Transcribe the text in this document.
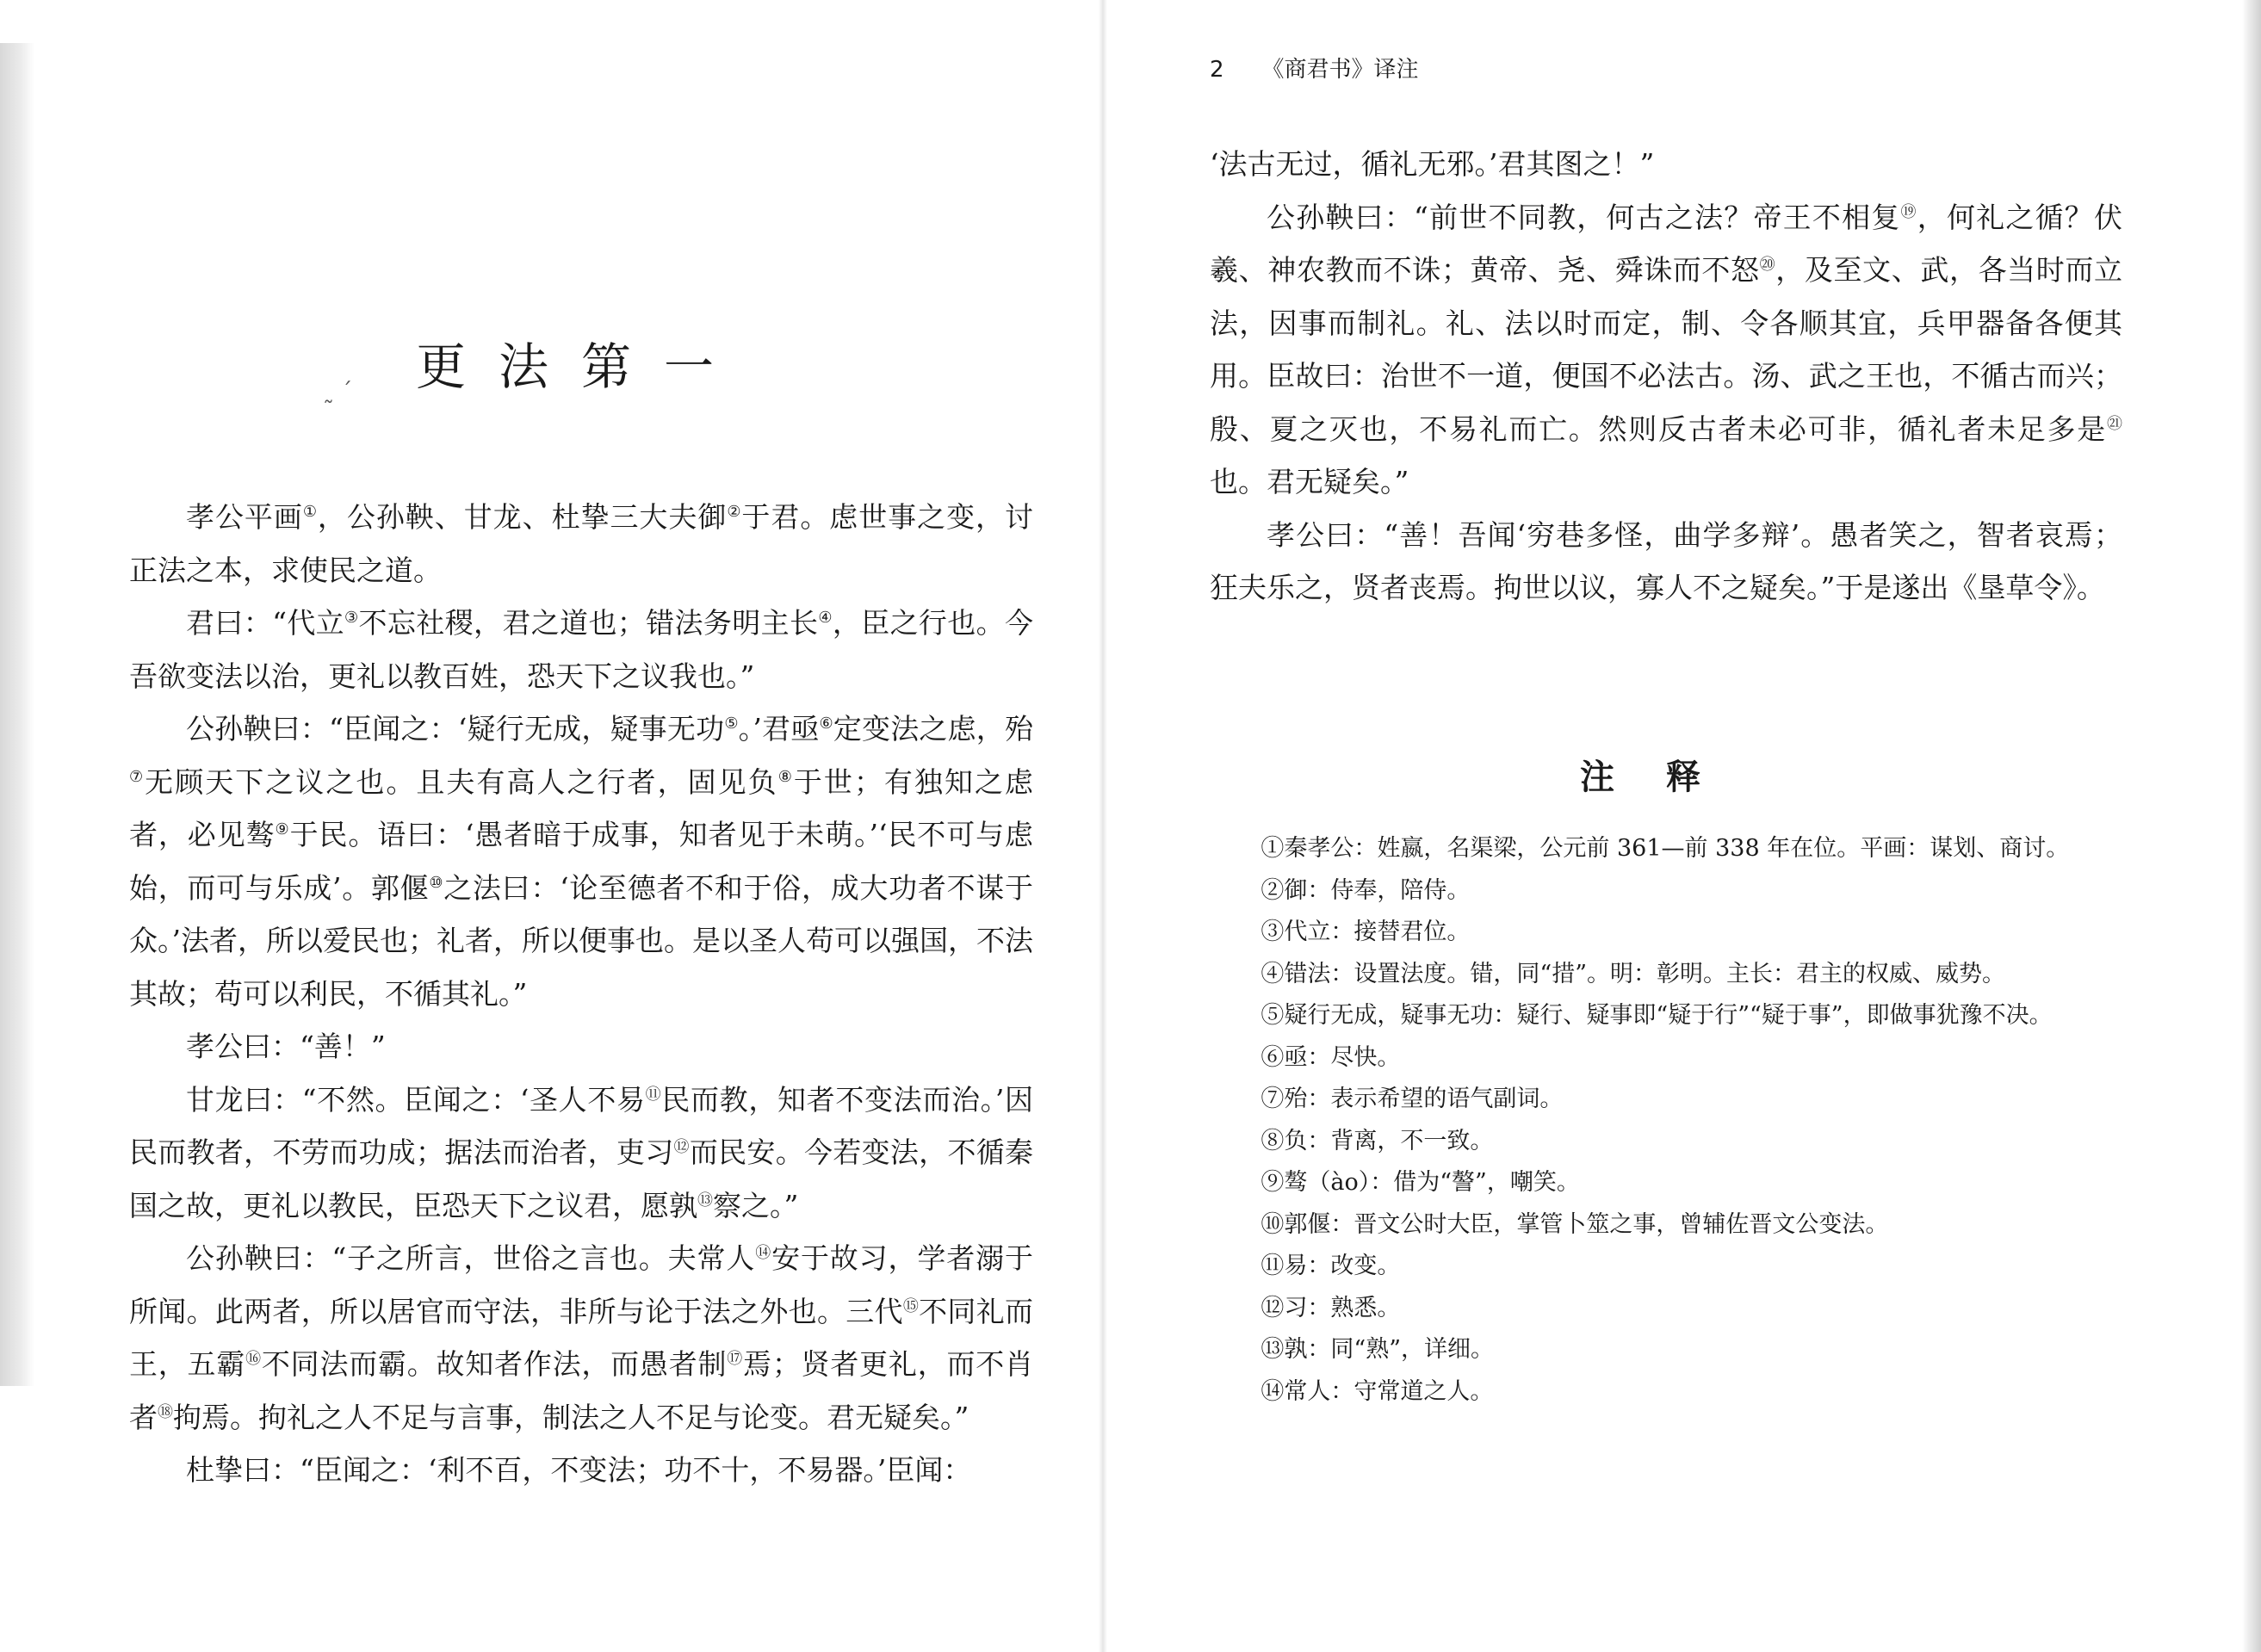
更法第一
˷ ˊ

孝公平画①，公孙鞅、甘龙、杜挚三大夫御②于君。虑世事之变，讨正法之本，求使民之道。

君曰：“代立③不忘社稷，君之道也；错法务明主长④，臣之行也。今吾欲变法以治，更礼以教百姓，恐天下之议我也。”

公孙鞅曰：“臣闻之：‘疑行无成，疑事无功⑤。’君亟⑥定变法之虑，殆⑦无顾天下之议之也。且夫有高人之行者，固见负⑧于世；有独知之虑者，必见骜⑨于民。语曰：‘愚者暗于成事，知者见于未萌。’‘民不可与虑始，而可与乐成’。郭偃⑩之法曰：‘论至德者不和于俗，成大功者不谋于众。’法者，所以爱民也；礼者，所以便事也。是以圣人苟可以强国，不法其故；苟可以利民，不循其礼。”

孝公曰：“善！”

甘龙曰：“不然。臣闻之：‘圣人不易⑪民而教，知者不变法而治。’因民而教者，不劳而功成；据法而治者，吏习⑫而民安。今若变法，不循秦国之故，更礼以教民，臣恐天下之议君，愿孰⑬察之。”

公孙鞅曰：“子之所言，世俗之言也。夫常人⑭安于故习，学者溺于所闻。此两者，所以居官而守法，非所与论于法之外也。三代⑮不同礼而王，五霸⑯不同法而霸。故知者作法，而愚者制⑰焉；贤者更礼，而不肖者⑱拘焉。拘礼之人不足与言事，制法之人不足与论变。君无疑矣。”

杜挚曰：“臣闻之：‘利不百，不变法；功不十，不易器。’臣闻：

2 《商君书》译注

‘法古无过，循礼无邪。’君其图之！”

公孙鞅曰：“前世不同教，何古之法？帝王不相复⑲，何礼之循？伏羲、神农教而不诛；黄帝、尧、舜诛而不怒⑳，及至文、武，各当时而立法，因事而制礼。礼、法以时而定，制、令各顺其宜，兵甲器备各便其用。臣故曰：治世不一道，便国不必法古。汤、武之王也，不循古而兴；殷、夏之灭也，不易礼而亡。然则反古者未必可非，循礼者未足多是$^㉑$也。君无疑矣。”

孝公曰：“善！吾闻‘穷巷多怪，曲学多辩’。愚者笑之，智者哀焉；狂夫乐之，贤者丧焉。拘世以议，寡人不之疑矣。”于是遂出《垦草令》。

注释

①秦孝公：姓嬴，名渠梁，公元前 361—前 338 年在位。平画：谋划、商讨。

②御：侍奉，陪侍。

③代立：接替君位。

④错法：设置法度。错，同“措”。明：彰明。主长：君主的权威、威势。

⑤疑行无成，疑事无功：疑行、疑事即“疑于行”“疑于事”，即做事犹豫不决。

⑥亟：尽快。

⑦殆：表示希望的语气副词。

⑧负：背离，不一致。

⑨骜（ào）：借为“謷”，嘲笑。

⑩郭偃：晋文公时大臣，掌管卜筮之事，曾辅佐晋文公变法。

⑪易：改变。

⑫习：熟悉。

⑬孰：同“熟”，详细。

⑭常人：守常道之人。
